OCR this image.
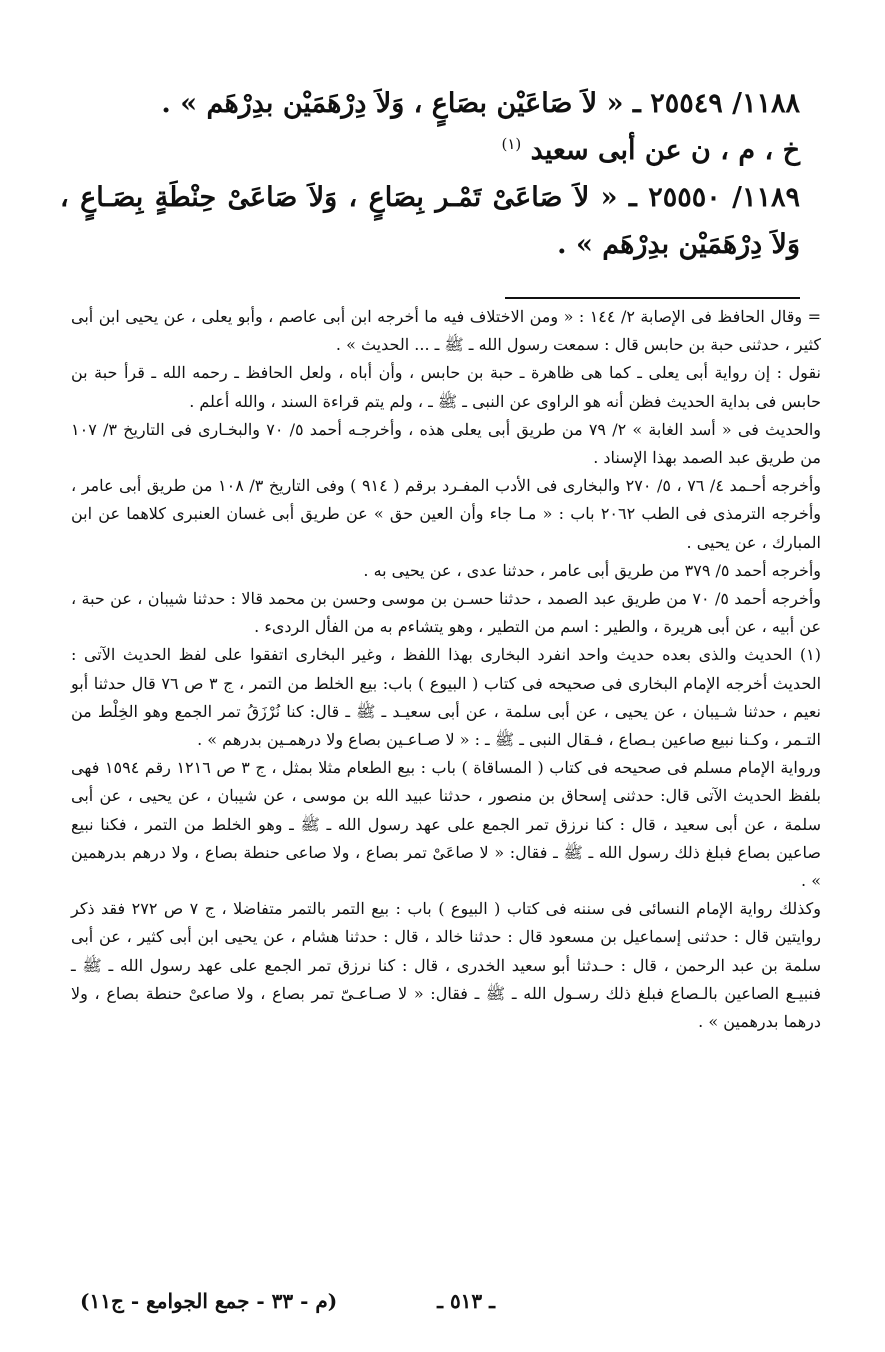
١١٨٨/ ٢٥٥٤٩ ـ « لاَ صَاعَيْن بصَاعٍ ، وَلاَ دِرْهَمَيْن بدِرْهَم » .

خ ، م ، ن عن أبى سعيد $^{(١)}$

١١٨٩/ ٢٥٥٥٠ ـ « لاَ صَاعَىْ تَمْـر بِصَاعٍ ، وَلاَ صَاعَىْ حِنْطَةٍ بِصَـاعٍ ، وَلاَ دِرْهَمَيْن بدِرْهَم » .

= وقال الحافظ فى الإصابة ٢/ ١٤٤ : « ومن الاختلاف فيه ما أخرجه ابن أبى عاصم ، وأبو يعلى ، عن يحيى ابن أبى كثير ، حدثنى حبة بن حابس قال : سمعت رسول الله ـ ﷺ ـ ... الحديث » .

نقول : إن رواية أبى يعلى ـ كما هى ظاهرة ـ حبة بن حابس ، وأن أباه ، ولعل الحافظ ـ رحمه الله ـ قرأ حبة بن حابس فى بداية الحديث فظن أنه هو الراوى عن النبى ـ ﷺ ـ ، ولم يتم قراءة السند ، والله أعلم .

والحديث فى « أسد الغابة » ٢/ ٧٩ من طريق أبى يعلى هذه ، وأخرجـه أحمد ٥/ ٧٠ والبخـارى فى التاريخ ٣/ ١٠٧ من طريق عبد الصمد بهذا الإسناد .

وأخرجه أحـمد ٤/ ٧٦ ، ٥/ ٢٧٠ والبخارى فى الأدب المفـرد برقم ( ٩١٤ ) وفى التاريخ ٣/ ١٠٨ من طريق أبى عامر ، وأخرجه الترمذى فى الطب ٢٠٦٢ باب : « مـا جاء وأن العين حق » عن طريق أبى غسان العنبرى كلاهما عن ابن المبارك ، عن يحيى .

وأخرجه أحمد ٥/ ٣٧٩ من طريق أبى عامر ، حدثنا عدى ، عن يحيى به .

وأخرجه أحمد ٥/ ٧٠ من طريق عبد الصمد ، حدثنا حسـن بن موسى وحسن بن محمد قالا : حدثنا شيبان ، عن حبة ، عن أبيه ، عن أبى هريرة ، والطير : اسم من التطير ، وهو يتشاءم به من الفأل الردىء .

(١) الحديث والذى بعده حديث واحد انفرد البخارى بهذا اللفظ ، وغير البخارى اتفقوا على لفظ الحديث الآتى : الحديث أخرجه الإمام البخارى فى صحيحه فى كتاب ( البيوع ) باب: بيع الخلط من التمر ، ج ٣ ص ٧٦ قال حدثنا أبو نعيم ، حدثنا شـيبان ، عن يحيى ، عن أبى سلمة ، عن أبى سعيـد ـ ﷺ ـ قال: كنا نُرْزَقُ تمر الجمع وهو الخِلْط من التـمر ، وكـنا نبيع صاعين بـصاع ، فـقال النبى ـ ﷺ ـ : « لا صـاعـين بصاع ولا درهمـين بدرهم » .

ورواية الإمام مسلم فى صحيحه فى كتاب ( المساقاة ) باب : بيع الطعام مثلا بمثل ، ج ٣ ص ١٢١٦ رقم ١٥٩٤ فهى بلفظ الحديث الآتى قال: حدثنى إسحاق بن منصور ، حدثنا عبيد الله بن موسى ، عن شيبان ، عن يحيى ، عن أبى سلمة ، عن أبى سعيد ، قال : كنا نرزق تمر الجمع على عهد رسول الله ـ ﷺ ـ وهو الخلط من التمر ، فكنا نبيع صاعين بصاع فبلغ ذلك رسول الله ـ ﷺ ـ فقال: « لا صاعَىْ تمر بصاع ، ولا صاعى حنطة بصاع ، ولا درهم بدرهمين » .

وكذلك رواية الإمام النسائى فى سننه فى كتاب ( البيوع ) باب : بيع التمر بالتمر متفاضلا ، ج ٧ ص ٢٧٢ فقد ذكر روايتين قال : حدثنى إسماعيل بن مسعود قال : حدثنا خالد ، قال : حدثنا هشام ، عن يحيى ابن أبى كثير ، عن أبى سلمة بن عبد الرحمن ، قال : حـدثنا أبو سعيد الخدرى ، قال : كنا نرزق تمر الجمع على عهد رسول الله ـ ﷺ ـ فنبيـع الصاعين بالـصاع فبلغ ذلك رسـول الله ـ ﷺ ـ فقال: « لا صـاعـىّ تمر بصاع ، ولا صاعىْ حنطة بصاع ، ولا درهما بدرهمين » .

ـ ٥١٣ ـ
(م - ٣٣ - جمع الجوامع - ج١١)
